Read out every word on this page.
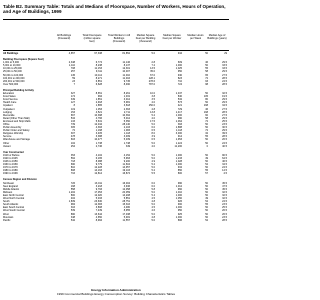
Table B2. Summary Table: Totals and Medians of Floorspace, Number of Workers, Hours of Operation, and Age of Buildings, 1999
All Buildings (thousand)
Total Floorspace (million square feet)
Total Workers in All Buildings (thousand)
Median Square Feet per Building (thousand)
Median Square Feet per Worker
Median Hours per Week
Median Age of Buildings (years)
All Buildings	4,657	67,338	81,852	5.0	944	50	29
Building Floorspace (Square Feet)
1,001 to 5,000	2,348	6,774	11,146	2.8	609	46	29.5
5,001 to 10,000	1,110	8,238	8,137	7.2	1,000	50	33.5
10,001 to 25,000	708	11,153	12,301	13.5	1,025	55	33.5
25,001 to 50,000	257	9,311	10,007	35.0	950	58	29.5
50,001 to 100,000	145	10,112	11,010	67.0	940	65	27.5
100,001 to 200,000	59	8,271	11,016	128.1	823	72	28.5
200,001 to 500,000	23	6,851	9,745	278.6	710	93	24.5
Over 500,000	7	6,628	8,490	787.0	724	98	28.5
Principal Building Activity
Education	327	8,651	8,261	10.0	1,047	50	32.5
Food Sales	174	994	1,031	3.8	840	105	19.5
Food Service	349	1,851	3,012	3.5	532	80	29.5
Health Care	127	2,918	5,981	4.0	573	50	29.5
Inpatient	8	1,865	3,618	150.0	421	168	34.5
Outpatient	119	1,053	2,363	4.8	729	46	27.5
Lodging	153	4,521	2,711	13.8	1,417	168	28.5
Mercantile	667	10,398	10,362	5.2	1,000	60	27.5
Retail (Other Than Mall)	534	4,766	5,012	4.0	990	58	29.5
Enclosed and Strip Malls	133	5,631	5,350	17.5	1,064	72	25.5
Office	739	12,044	28,140	5.0	393	50	23.5
Public Assembly	305	4,393	2,103	6.0	1,888	50	30.5
Public Order and Safety	72	1,168	1,083	6.5	1,118	72	29.5
Religious Worship	307	3,405	1,118	8.0	3,000	32	39.5
Service	478	3,388	3,499	3.9	914	55	28.5
Warehouse and Storage	603	10,477	5,039	6.5	1,953	50	26.5
Other	102	1,738	1,748	5.0	1,224	50	24.5
Vacant	254	2,746	349	4.0	11,200	0	40.5
Year Constructed
1919 or Before	353	4,102	4,152	5.0	1,000	50	90.5
1920 to 1945	562	6,165	5,963	5.0	1,233	49	64.5
1946 to 1959	718	8,088	9,200	4.9	1,028	50	46.5
1960 to 1969	690	9,779	11,604	5.2	1,000	52	34.5
1970 to 1979	810	12,228	14,957	5.0	934	50	24.5
1980 to 1989	808	14,163	19,103	5.2	850	55	14.5
1990 to 1999	716	12,814	16,874	5.5	800	57	4.5
Census Region and Division
Northeast	726	13,011	16,004	6.0	990	50	45.5
New England	168	3,218	3,946	6.0	1,012	50	47.5
Middle Atlantic	558	9,793	12,058	5.8	960	50	45.5
Midwest	1,202	17,053	20,059	5.0	1,010	50	32.5
East North Central	800	12,020	14,208	5.4	1,000	50	32.5
West North Central	402	5,033	5,851	4.5	1,050	49	32.5
South	1,839	23,630	28,751	4.8	926	52	24.5
South Atlantic	984	12,383	15,316	5.0	900	55	23.5
East South Central	316	3,808	4,480	4.5	1,000	50	25.5
West South Central	539	7,439	8,955	4.6	950	50	26.5
West	890	13,644	17,038	5.0	925	50	26.5
Mountain	348	4,650	5,481	4.8	1,000	50	23.5
Pacific	542	8,994	11,557	5.0	896	52	28.5
Energy Information Administration
1999 Commercial Buildings Energy Consumption Survey: Building Characteristics Tables
